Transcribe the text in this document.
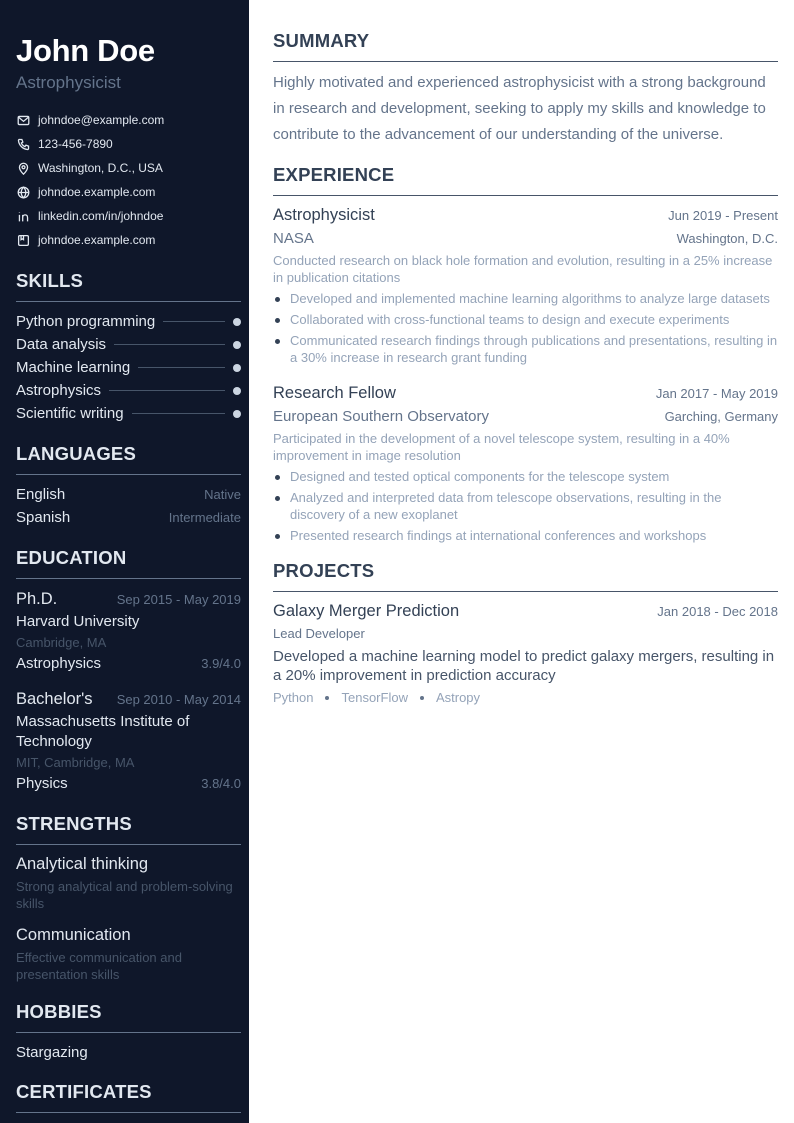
John Doe
Astrophysicist
johndoe@example.com
123-456-7890
Washington, D.C., USA
johndoe.example.com
linkedin.com/in/johndoe
johndoe.example.com
SKILLS
Python programming
Data analysis
Machine learning
Astrophysics
Scientific writing
LANGUAGES
English	Native
Spanish	Intermediate
EDUCATION
Ph.D.	Sep 2015 - May 2019
Harvard University
Cambridge, MA
Astrophysics	3.9/4.0
Bachelor's Sep 2010 - May 2014
Massachusetts Institute of Technology
MIT, Cambridge, MA
Physics	3.8/4.0
STRENGTHS
Analytical thinking
Strong analytical and problem-solving skills
Communication
Effective communication and presentation skills
HOBBIES
Stargazing
CERTIFICATES
SUMMARY

Highly motivated and experienced astrophysicist with a strong background in research and development, seeking to apply my skills and knowledge to contribute to the advancement of our understanding of the universe.

EXPERIENCE
Astrophysicist	Jun 2019 - Present
NASA	Washington, D.C.
Conducted research on black hole formation and evolution, resulting in a 25% increase in publication citations
Developed and implemented machine learning algorithms to analyze large datasets
Collaborated with cross-functional teams to design and execute experiments
Communicated research findings through publications and presentations, resulting in a 30% increase in research grant funding
Research Fellow	Jan 2017 - May 2019
European Southern Observatory	Garching, Germany
Participated in the development of a novel telescope system, resulting in a 40% improvement in image resolution
Designed and tested optical components for the telescope system
Analyzed and interpreted data from telescope observations, resulting in the discovery of a new exoplanet
Presented research findings at international conferences and workshops
PROJECTS
Galaxy Merger Prediction	Jan 2018 - Dec 2018
Lead Developer
Developed a machine learning model to predict galaxy mergers, resulting in a 20% improvement in prediction accuracy
Python TensorFlow Astropy
